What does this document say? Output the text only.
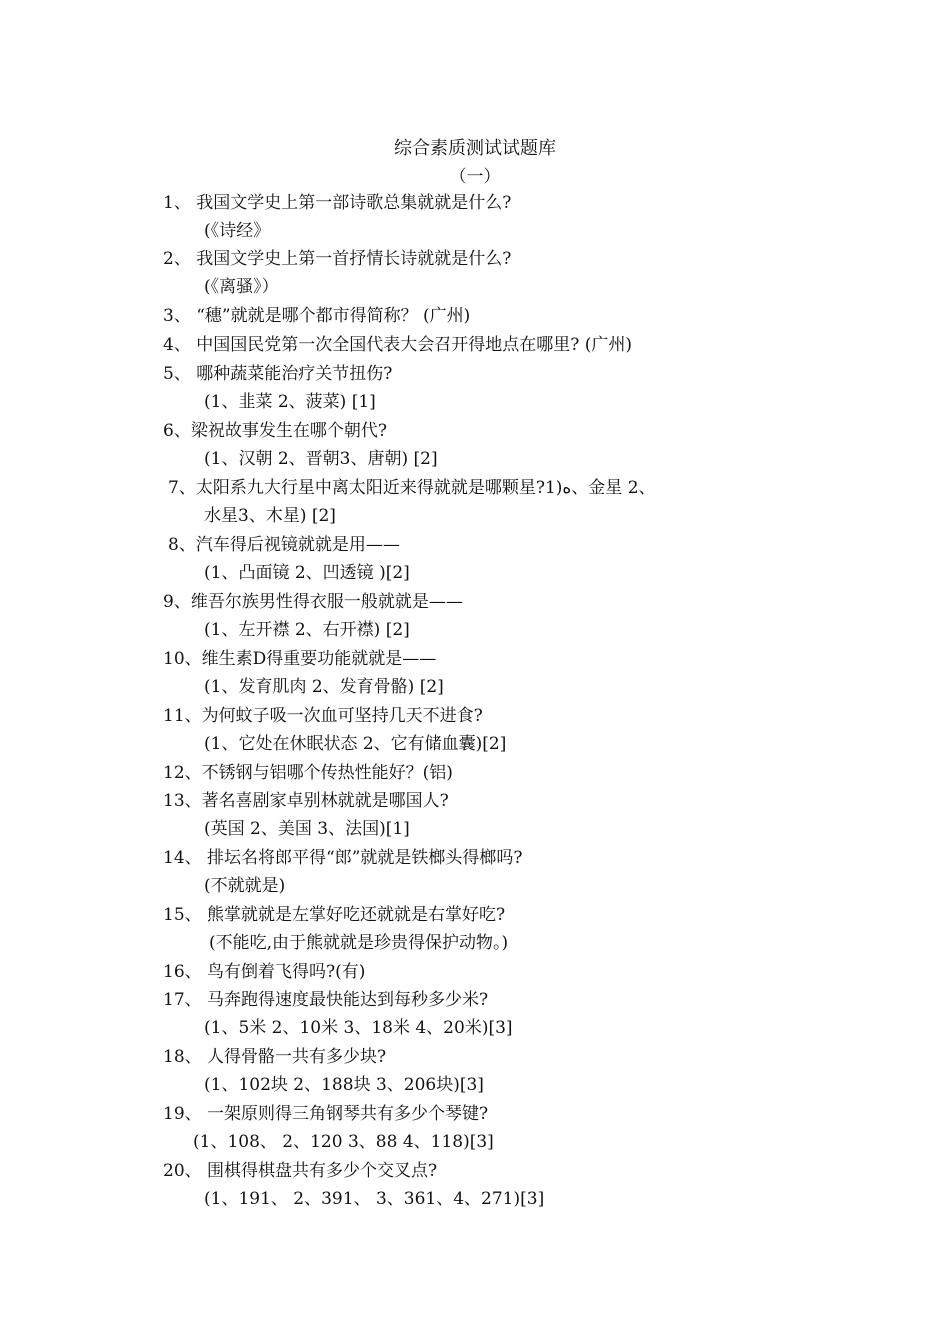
综合素质测试试题库
（一）
1、 我国文学史上第一部诗歌总集就就是什么?
(《诗经》
2、 我国文学史上第一首抒情长诗就就是什么?
(《离骚》）
3、 “穗”就就是哪个都市得简称？ (广州)
4、 中国国民党第一次全国代表大会召开得地点在哪里? (广州)
5、 哪种蔬菜能治疗关节扭伤?
(1、韭菜 2、菠菜) [1]
6、梁祝故事发生在哪个朝代?
(1、汉朝 2、晋朝3、唐朝) [2]
7、太阳系九大行星中离太阳近来得就就是哪颗星?ﻩ(1、金星 2、
水星3、木星) [2]
8、汽车得后视镜就就是用——
(1、凸面镜 2、凹透镜 )[2]
9、维吾尔族男性得衣服一般就就是——
(1、左开襟 2、右开襟) [2]
10、维生素D得重要功能就就是——
(1、发育肌肉 2、发育骨骼) [2]
11、为何蚊子吸一次血可坚持几天不进食?
(1、它处在休眠状态 2、它有储血囊)[2]
12、不锈钢与铝哪个传热性能好？(铝)
13、著名喜剧家卓别林就就是哪国人?
(英国 2、美国 3、法国)[1]
14、 排坛名将郎平得“郎”就就是铁榔头得榔吗?
(不就就是)
15、 熊掌就就是左掌好吃还就就是右掌好吃?
(不能吃,由于熊就就是珍贵得保护动物。)
16、 鸟有倒着飞得吗?(有)
17、 马奔跑得速度最快能达到每秒多少米?
(1、5米 2、10米 3、18米 4、20米)[3]
18、 人得骨骼一共有多少块?
(1、102块 2、188块 3、206块)[3]
19、 一架原则得三角钢琴共有多少个琴键?
(1、108、 2、120 3、88 4、118)[3]
20、 围棋得棋盘共有多少个交叉点?
(1、191、 2、391、 3、361、4、271)[3]
